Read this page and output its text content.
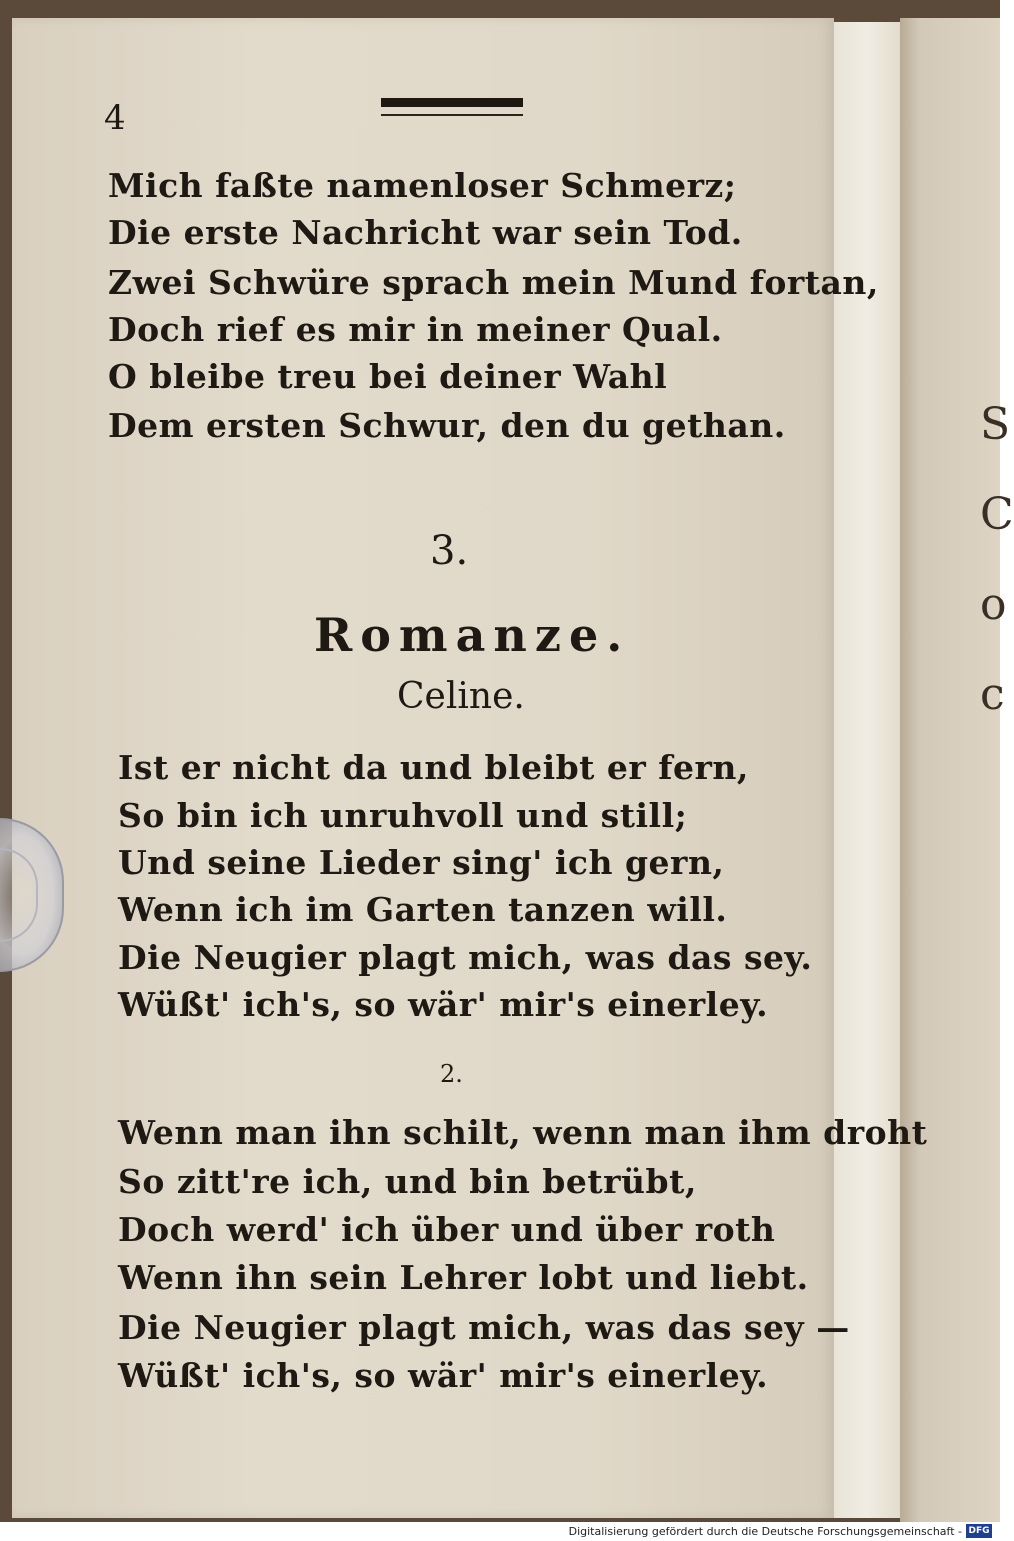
S
C
o
c
4
Mich faßte namenloser Schmerz;
Die erste Nachricht war sein Tod.
Zwei Schwüre sprach mein Mund fortan,
Doch rief es mir in meiner Qual.
O bleibe treu bei deiner Wahl
Dem ersten Schwur, den du gethan.
3.
Romanze.
Celine.
Ist er nicht da und bleibt er fern,
So bin ich unruhvoll und still;
Und seine Lieder sing' ich gern,
Wenn ich im Garten tanzen will.
Die Neugier plagt mich, was das sey.
Wüßt' ich's, so wär' mir's einerley.
2.
Wenn man ihn schilt, wenn man ihm droht
So zitt're ich, und bin betrübt,
Doch werd' ich über und über roth
Wenn ihn sein Lehrer lobt und liebt.
Die Neugier plagt mich, was das sey —
Wüßt' ich's, so wär' mir's einerley.
Digitalisierung gefördert durch die Deutsche Forschungsgemeinschaft - DFG
